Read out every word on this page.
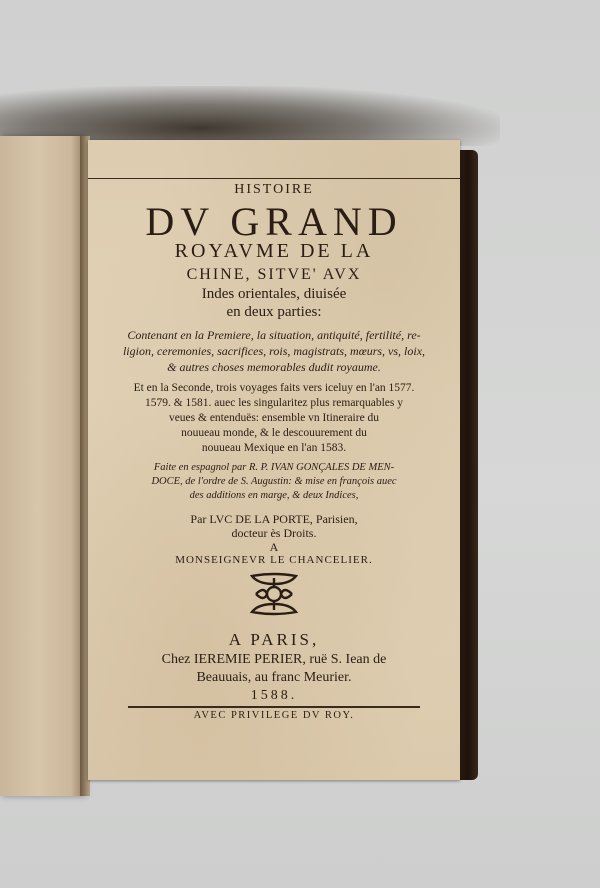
HISTOIRE
DV GRAND
ROYAVME DE LA
CHINE, SITVE' AVX
Indes orientales, diuisée
en deux parties:
Contenant en la Premiere, la situation, antiquité, fertilité, re-
ligion, ceremonies, sacrifices, rois, magistrats, mœurs, vs, loix,
& autres choses memorables dudit royaume.
Et en la Seconde, trois voyages faits vers iceluy en l'an 1577.
1579. & 1581. auec les singularitez plus remarquables y
veues & entenduës: ensemble vn Itineraire du
nouueau monde, & le descouurement du
nouueau Mexique en l'an 1583.
Faite en espagnol par R. P. IVAN GONÇALES DE MEN-
DOCE, de l'ordre de S. Augustin: & mise en françois auec
des additions en marge, & deux Indices,
Par LVC DE LA PORTE, Parisien,
docteur ès Droits.
A
MONSEIGNEVR LE CHANCELIER.
A PARIS,
Chez IEREMIE PERIER, ruë S. Iean de
Beauuais, au franc Meurier.
1588.
AVEC PRIVILEGE DV ROY.
